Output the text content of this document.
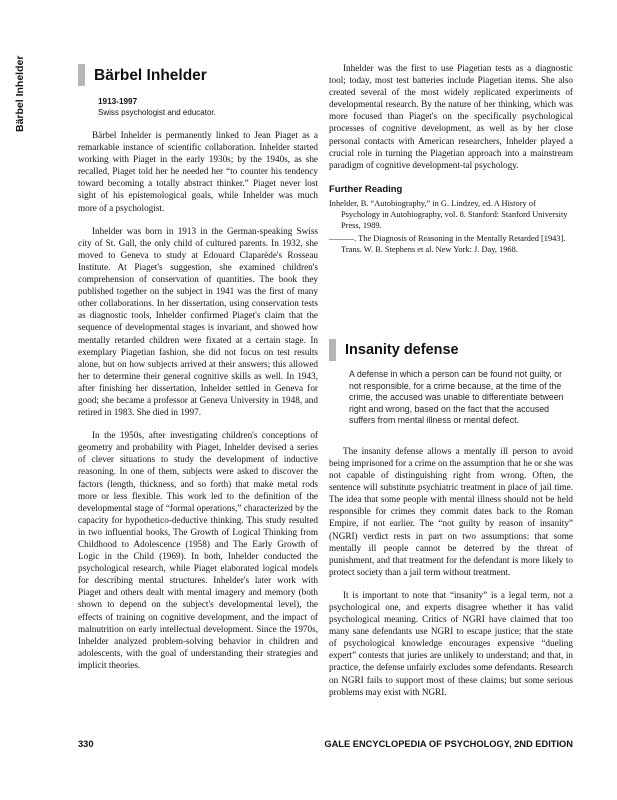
Bärbel Inhelder	Bärbel Inhelder
1913-1997
Swiss psychologist and educator.

Bärbel Inhelder is permanently linked to Jean Piaget as a remarkable instance of scientific collaboration. Inhelder started working with Piaget in the early 1930s; by the 1940s, as she recalled, Piaget told her he needed her “to counter his tendency toward becoming a totally abstract thinker.” Piaget never lost sight of his epistemological goals, while Inhelder was much more of a psychologist.

Inhelder was born in 1913 in the German-speaking Swiss city of St. Gall, the only child of cultured parents. In 1932, she moved to Geneva to study at Edouard Claparède's Rosseau Institute. At Piaget's suggestion, she examined children's comprehension of conservation of quantities. The book they published together on the subject in 1941 was the first of many other collaborations. In her dissertation, using conservation tests as diagnostic tools, Inhelder confirmed Piaget's claim that the sequence of developmental stages is invariant, and showed how mentally retarded children were fixated at a certain stage. In exemplary Piagetian fashion, she did not focus on test results alone, but on how subjects arrived at their answers; this allowed her to determine their general cognitive skills as well. In 1943, after finishing her dissertation, Inhelder settled in Geneva for good; she became a professor at Geneva University in 1948, and retired in 1983. She died in 1997.

In the 1950s, after investigating children's conceptions of geometry and probability with Piaget, Inhelder devised a series of clever situations to study the development of inductive reasoning. In one of them, subjects were asked to discover the factors (length, thickness, and so forth) that make metal rods more or less flexible. This work led to the definition of the developmental stage of “formal operations,” characterized by the capacity for hypothetico-deductive thinking. This study resulted in two influential books, The Growth of Logical Thinking from Childhood to Adolescence (1958) and The Early Growth of Logic in the Child (1969). In both, Inhelder conducted the psychological research, while Piaget elaborated logical models for describing mental structures. Inhelder's later work with Piaget and others dealt with mental imagery and memory (both shown to depend on the subject's developmental level), the effects of training on cognitive development, and the impact of malnutrition on early intellectual development. Since the 1970s, Inhelder analyzed problem-solving behavior in children and adolescents, with the goal of understanding their strategies and implicit theories.

Inhelder was the first to use Piagetian tests as a diagnostic tool; today, most test batteries include Piagetian items. She also created several of the most widely replicated experiments of developmental research. By the nature of her thinking, which was more focused than Piaget's on the specifically psychological processes of cognitive development, as well as by her close personal contacts with American researchers, Inhelder played a crucial role in turning the Piagetian approach into a mainstream paradigm of cognitive development-tal psychology.

Further Reading
Inhelder, B. “Autobiography,” in G. Lindzey, ed. A History of Psychology in Autobiography, vol. 8. Stanford: Stanford University Press, 1989.
———. The Diagnosis of Reasoning in the Mentally Retarded [1943]. Trans. W. B. Stephens et al. New York: J. Day, 1968.
Insanity defense
A defense in which a person can be found not guilty, or not responsible, for a crime because, at the time of the crime, the accused was unable to differentiate between right and wrong, based on the fact that the accused suffers from mental illness or mental defect.

The insanity defense allows a mentally ill person to avoid being imprisoned for a crime on the assumption that he or she was not capable of distinguishing right from wrong. Often, the sentence will substitute psychiatric treatment in place of jail time. The idea that some people with mental illness should not be held responsible for crimes they commit dates back to the Roman Empire, if not earlier. The “not guilty by reason of insanity” (NGRI) verdict rests in part on two assumptions: that some mentally ill people cannot be deterred by the threat of punishment, and that treatment for the defendant is more likely to protect society than a jail term without treatment.

It is important to note that “insanity” is a legal term, not a psychological one, and experts disagree whether it has valid psychological meaning. Critics of NGRI have claimed that too many sane defendants use NGRI to escape justice; that the state of psychological knowledge encourages expensive “dueling expert” contests that juries are unlikely to understand; and that, in practice, the defense unfairly excludes some defendants. Research on NGRI fails to support most of these claims; but some serious problems may exist with NGRI.

330	GALE ENCYCLOPEDIA OF PSYCHOLOGY, 2ND EDITION
